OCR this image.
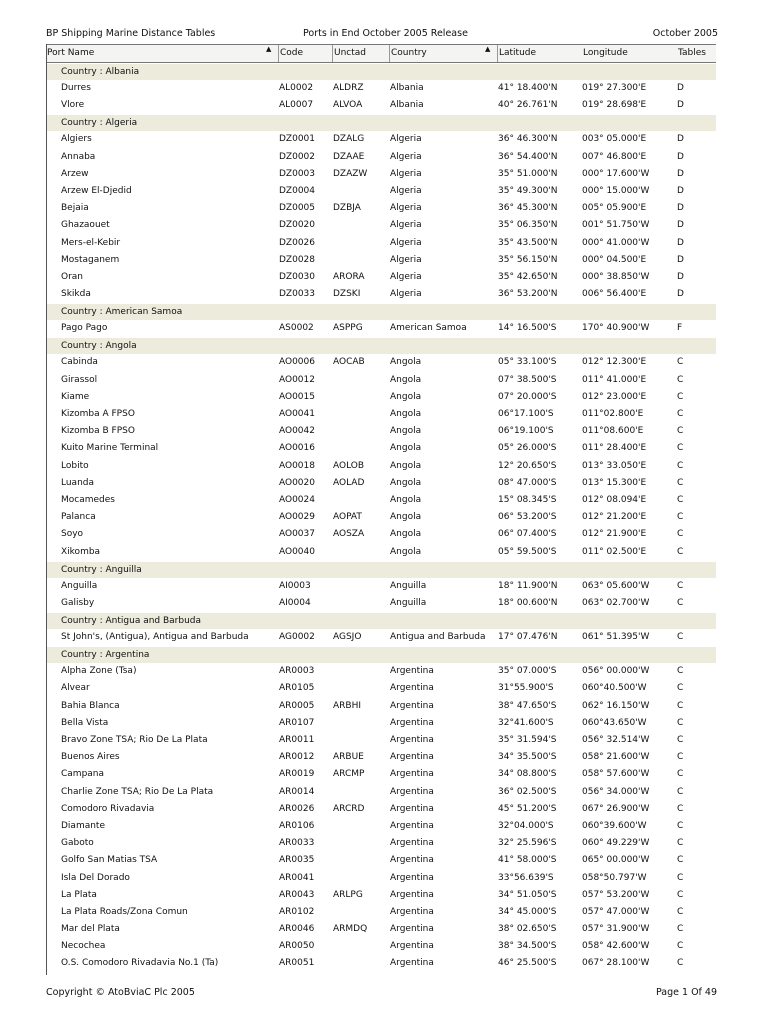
BP Shipping Marine Distance Tables	Ports in End October 2005 Release	October 2005
Port Name	▲ Code	Unctad	Country	▲ Latitude	Longitude	Tables
Country : Albania
Durres	AL0002 ALDRZ	Albania	41° 18.400'N	019° 27.300'E	D
Vlore	AL0007 ALVOA	Albania	40° 26.761'N	019° 28.698'E	D
Country : Algeria
Algiers	DZ0001 DZALG	Algeria	36° 46.300'N	003° 05.000'E	D
Annaba	DZ0002 DZAAE	Algeria	36° 54.400'N	007° 46.800'E	D
Arzew	DZ0003 DZAZW	Algeria	35° 51.000'N	000° 17.600'W	D
Arzew El-Djedid	DZ0004	Algeria	35° 49.300'N	000° 15.000'W	D
Bejaia	DZ0005 DZBJA	Algeria	36° 45.300'N	005° 05.900'E	D
Ghazaouet	DZ0020	Algeria	35° 06.350'N	001° 51.750'W	D
Mers-el-Kebir	DZ0026	Algeria	35° 43.500'N	000° 41.000'W	D
Mostaganem	DZ0028	Algeria	35° 56.150'N	000° 04.500'E	D
Oran	DZ0030 ARORA	Algeria	35° 42.650'N	000° 38.850'W	D
Skikda	DZ0033 DZSKI	Algeria	36° 53.200'N	006° 56.400'E	D
Country : American Samoa
Pago Pago	AS0002 ASPPG	American Samoa	14° 16.500'S	170° 40.900'W	F
Country : Angola
Cabinda	AO0006 AOCAB	Angola	05° 33.100'S	012° 12.300'E	C
Girassol	AO0012	Angola	07° 38.500'S	011° 41.000'E	C
Kiame	AO0015	Angola	07° 20.000'S	012° 23.000'E	C
Kizomba A FPSO	AO0041	Angola	06°17.100'S	011°02.800'E	C
Kizomba B FPSO	AO0042	Angola	06°19.100'S	011°08.600'E	C
Kuito Marine Terminal	AO0016	Angola	05° 26.000'S	011° 28.400'E	C
Lobito	AO0018 AOLOB	Angola	12° 20.650'S	013° 33.050'E	C
Luanda	AO0020 AOLAD	Angola	08° 47.000'S	013° 15.300'E	C
Mocamedes	AO0024	Angola	15° 08.345'S	012° 08.094'E	C
Palanca	AO0029 AOPAT	Angola	06° 53.200'S	012° 21.200'E	C
Soyo	AO0037 AOSZA	Angola	06° 07.400'S	012° 21.900'E	C
Xikomba	AO0040	Angola	05° 59.500'S	011° 02.500'E	C
Country : Anguilla
Anguilla	AI0003	Anguilla	18° 11.900'N	063° 05.600'W	C
Galisby	AI0004	Anguilla	18° 00.600'N	063° 02.700'W	C
Country : Antigua and Barbuda
St John's, (Antigua), Antigua and Barbuda	AG0002 AGSJO	Antigua and Barbuda 17° 07.476'N	061° 51.395'W	C
Country : Argentina
Alpha Zone (Tsa)	AR0003	Argentina	35° 07.000'S	056° 00.000'W	C
Alvear	AR0105	Argentina	31°55.900'S	060°40.500'W	C
Bahia Blanca	AR0005 ARBHI	Argentina	38° 47.650'S	062° 16.150'W	C
Bella Vista	AR0107	Argentina	32°41.600'S	060°43.650'W	C
Bravo Zone TSA; Rio De La Plata	AR0011	Argentina	35° 31.594'S	056° 32.514'W	C
Buenos Aires	AR0012 ARBUE	Argentina	34° 35.500'S	058° 21.600'W	C
Campana	AR0019 ARCMP	Argentina	34° 08.800'S	058° 57.600'W	C
Charlie Zone TSA; Rio De La Plata	AR0014	Argentina	36° 02.500'S	056° 34.000'W	C
Comodoro Rivadavia	AR0026 ARCRD	Argentina	45° 51.200'S	067° 26.900'W	C
Diamante	AR0106	Argentina	32°04.000'S	060°39.600'W	C
Gaboto	AR0033	Argentina	32° 25.596'S	060° 49.229'W	C
Golfo San Matias TSA	AR0035	Argentina	41° 58.000'S	065° 00.000'W	C
Isla Del Dorado	AR0041	Argentina	33°56.639'S	058°50.797'W	C
La Plata	AR0043 ARLPG	Argentina	34° 51.050'S	057° 53.200'W	C
La Plata Roads/Zona Comun	AR0102	Argentina	34° 45.000'S	057° 47.000'W	C
Mar del Plata	AR0046 ARMDQ	Argentina	38° 02.650'S	057° 31.900'W	C
Necochea	AR0050	Argentina	38° 34.500'S	058° 42.600'W	C
O.S. Comodoro Rivadavia No.1 (Ta)	AR0051	Argentina	46° 25.500'S	067° 28.100'W	C
Copyright © AtoBviaC Plc 2005	Page 1 Of 49
